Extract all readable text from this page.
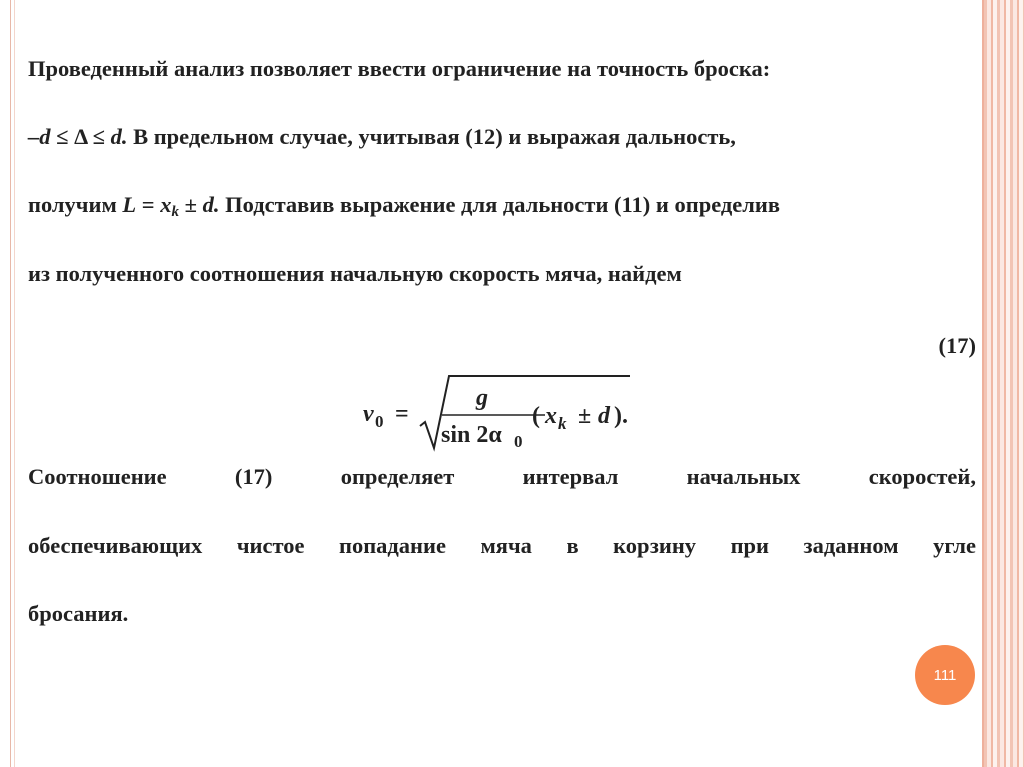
Проведенный анализ позволяет ввести ограничение на точность броска:
–d ≤ Δ ≤ d. В предельном случае, учитывая (12) и выражая дальность,
получим $L = x_k \pm d$. Подставив выражение для дальности (11) и определив
из полученного соотношения начальную скорость мяча, найдем
(17)
v 0 =
g
sin 2α 0
( x k ± d ).
Соотношение	(17)	определяет	интервал	начальных	скоростей,
обеспечивающих чистое попадание мяча в корзину при заданном угле
бросания.
111
